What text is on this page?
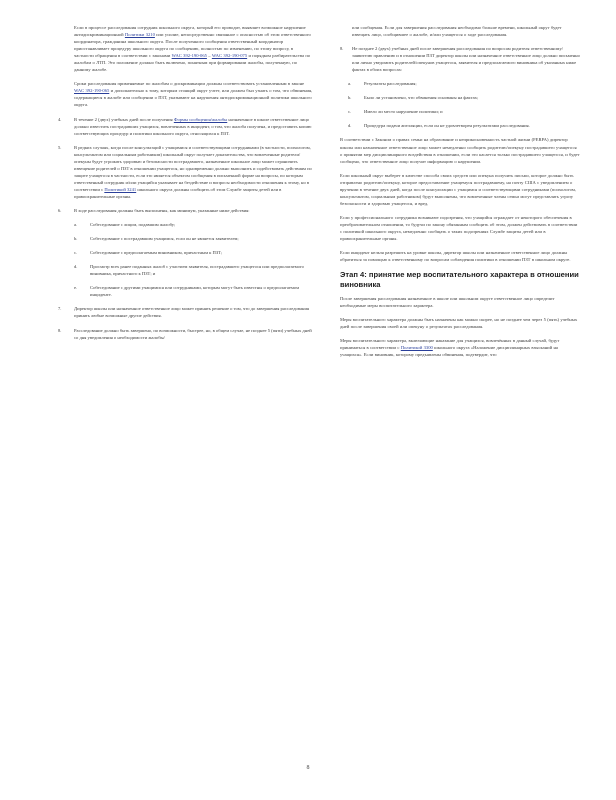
Если в процессе расследования сотрудник школьного округа, который его проводит, выявляет возможное нарушение антидискриминационной Политики 3210 или усилие, непосредственно связанное с опасностью об этом ответственного координатора, гражданина школьного округа. После полученного сообщения ответственный координатор приостанавливает процедуру школьного округа по сообщению, полностью по изменению, по этому вопросу, в частности обращения в соответствии с законами WAC 392-190-065 – WAC 392-190-075 и порядком разбирательства по жалобам о ЛТП. Это положение должно быть включено, понятным при формировании жалобы, полученную, по данному жалобе.

Сроки расследования применяемые по жалобам о дискриминации должны соответствовать установленным в законе WAC 392-190-065 и дополнительно к тому, которым стоящий округ учтет, или должен был узнать о том, что обвинения, содержащиеся в жалобе или сообщении о ПЗТ, указывают на нарушения антидискриминационной политики школьного округа.

4.	В течение 2 (двух) учебных дней после получения Формы сообщения/жалобы назначенное в школе ответственное лицо должно известить пострадавших учащихся, вовлеченных в инцидент, о том, что жалоба получена, и предоставить копию соответствующих процедур и политики школьного округа, относящихся к ПЗТ.
5.	В редких случаях, когда после консультаций с учащимися и соответствующими сотрудниками (в частности, психологом, консультантом или социальным работником) школьный округ получает доказательства, что вовлеченные родители/опекуны будут угрожать здоровью и безопасности пострадавшего, назначенное школьное лицо может ограничить извещение родителей о ПЗТ в отношении учащегося, но одновременно должно выполнить и содействовать действиям по защите учащегося в частности, если это является объектом сообщения в письменной форме на вопросы, по которым ответственный сотрудник и/или учащийся указывает на бездействие и вопросы необходимости отношения к этому, но в соответствии с Политикой 3241 школьного округа должны сообщить об этом Службе защиты детей или в правоохранительные органы.
6.	В ходе расследования должны быть выполнены, как минимум, указанные ниже действия:
a.	Собеседование с лицом, подавшим жалобу;
b.	Собеседование с пострадавшим учащимся, если он не является заявителем;
c.	Собеседование с предполагаемым виновником, причастным к ПЗТ;
d.	Просмотр всех ранее поданных жалоб с участием заявителя, пострадавшего учащегося или предполагаемого виновника, причастного к ПЗТ; и
e.	Собеседование с другими учащимися или сотрудниками, которым могут быть известны о предполагаемом инциденте.
7.	Директор школы или назначенное ответственное лицо может принять решение о том, что до завершения расследования принять любые возможные другие действия.
8.	Расследование должно быть завершено, по возможности, быстрее, но, в общем случае, не позднее 5 (пяти) учебных дней со дня уведомления о необходимости жалобы/

или сообщения. Если для завершения расследования необходимо больше времени, школьный округ будет извещать лицо, сообщившее о жалобе, и/или учащегося о ходе расследования.

8. Не позднее 2 (двух) учебных дней после завершения расследования по вопросам родителя ответственному/ заявителю правлению и в отношении ПЗТ директор школы или назначенное ответственное лицо должно письменно или лично уведомить родителей/опекунов учащегося, заявителя и предполагаемого виновника об указанных ниже фактах в обоих вопросах:
a.	Результаты расследования;
b.	Было ли установлено, что обвинения основаны на фактах;
c.	Имело ли место нарушение политики; и
d.	Процедура подачи апелляции, если он не удовлетворен результатами расследования.

В соответствии с Законом о правах семьи на образование и неприкосновенность частной жизни (FERPA) директор школы или назначенное ответственное лицо может немедленно сообщить родителю/опекуну пострадавшего учащегося о принятии мер дисциплинарного воздействия в отношении, если это касается только пострадавшего учащегося, и будет сообщено, что ответственное лицо получит информацию о нарушении.

Если школьный округ выберет в качестве способа своих средств или опекуна получить письмо, которое должно быть отправлено родителю/опекуну, которое предоставление учащемуся пострадавшему, на почту США с уведомлением о вручении в течение двух дней, когда после консультации с учащимся и соответствующими сотрудниками (психологом, консультантом, социальным работником) будут выполнены, что вовлеченные члены семьи могут представлять угрозу безопасности и здоровью учащегося, и вред.

Если у профессионального сотрудника возникают подозрения, что учащийся ограждает от некоторого обеспечения в преобразовательном отношении, то будучи по закону обязанным сообщить об этом, должен действовать в соответствии с политикой школьного округа, немедленно сообщать о таких подозрениях Службе защиты детей или в правоохранительные органы.

Если инцидент нельзя разрешить на уровне школы, директор школы или назначенное ответственное лицо должны обратиться за помощью к ответственному по вопросам соблюдения политики в отношении ПЗТ в школьном округе.

Этап 4: принятие мер воспитательного характера в отношении виновника

После завершения расследования назначенное в школе или школьном округе ответственное лицо определит необходимые меры воспитательного характера.

Меры воспитательного характера должны быть назначены как можно скорее, но не позднее чем через 5 (пять) учебных дней после завершения своей или опекуну о результатах расследования.

Меры воспитательного характера, включающие наказание для учащихся, вовлечённых в данный случай, будут приниматься в соответствии с Политикой 3300 школьного округа «Наложение дисциплинарных взысканий на учащихся». Если виновник, которому предъявлены обвинения, подтвердит, что

8
